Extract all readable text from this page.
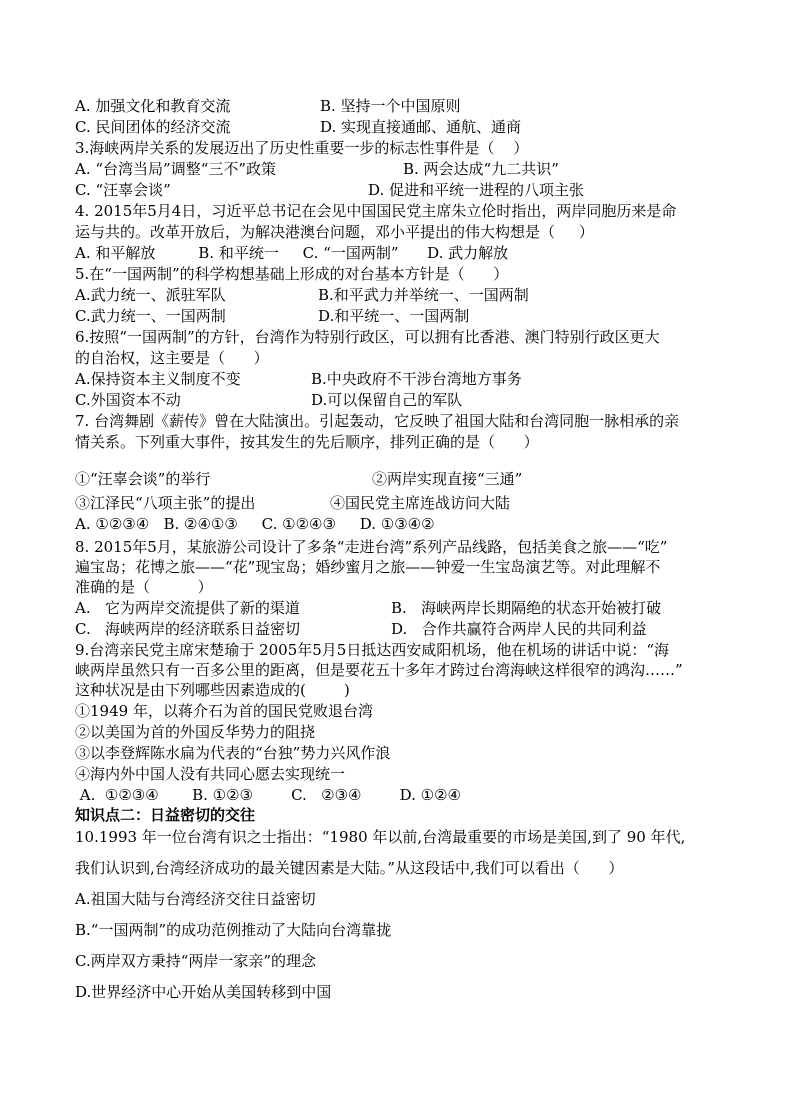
A. 加强文化和教育交流	B. 坚持一个中国原则
C. 民间团体的经济交流	D. 实现直接通邮、通航、通商
3.海峡两岸关系的发展迈出了历史性重要一步的标志性事件是（    ）
A. “台湾当局”调整“三不”政策	B. 两会达成“九二共识”
C. “汪辜会谈”	D. 促进和平统一进程的八项主张
4. 2015年5月4日，习近平总书记在会见中国国民党主席朱立伦时指出，两岸同胞历来是命
运与共的。改革开放后，为解决港澳台问题，邓小平提出的伟大构想是（     ）
A. 和平解放         B. 和平统一     C. “一国两制”      D. 武力解放
5.在“一国两制”的科学构想基础上形成的对台基本方针是（      ）
A.武力统一、派驻军队	B.和平武力并举统一、一国两制
C.武力统一、一国两制	D.和平统一、一国两制
6.按照“一国两制”的方针，台湾作为特别行政区，可以拥有比香港、澳门特别行政区更大
的自治权，这主要是（      ）
A.保持资本主义制度不变	B.中央政府不干涉台湾地方事务
C.外国资本不动	D.可以保留自己的军队
7. 台湾舞剧《薪传》曾在大陆演出。引起轰动，它反映了祖国大陆和台湾同胞一脉相承的亲
情关系。下列重大事件，按其发生的先后顺序，排列正确的是（      ）
①“汪辜会谈”的举行	②两岸实现直接“三通”
③江泽民“八项主张”的提出	④国民党主席连战访问大陆
A. ①②③④   B. ②④①③     C. ①②④③     D. ①③④②
8. 2015年5月，某旅游公司设计了多条“走进台湾”系列产品线路，包括美食之旅——“吃”
遍宝岛；花博之旅——“花”现宝岛；婚纱蜜月之旅——钟爱一生宝岛演艺等。对此理解不
准确的是（          ）
A.   它为两岸交流提供了新的渠道	B.   海峡两岸长期隔绝的状态开始被打破
C.   海峡两岸的经济联系日益密切	D.   合作共赢符合两岸人民的共同利益
9.台湾亲民党主席宋楚瑜于 2005年5月5日抵达西安咸阳机场，他在机场的讲话中说：“海
峡两岸虽然只有一百多公里的距离，但是要花五十多年才跨过台湾海峡这样很窄的鸿沟……”
这种状况是由下列哪些因素造成的(        )
①1949 年，以蒋介石为首的国民党败退台湾
②以美国为首的外国反华势力的阻挠
③以李登辉陈水扁为代表的“台独”势力兴风作浪
④海内外中国人没有共同心愿去实现统一
A.  ①②③④       B. ①②③        C.   ②③④        D. ①②④
知识点二：日益密切的交往
10.1993 年一位台湾有识之士指出：“1980 年以前,台湾最重要的市场是美国,到了 90 年代,
我们认识到,台湾经济成功的最关键因素是大陆。”从这段话中,我们可以看出（      ）
A.祖国大陆与台湾经济交往日益密切
B.“一国两制”的成功范例推动了大陆向台湾靠拢
C.两岸双方秉持“两岸一家亲”的理念
D.世界经济中心开始从美国转移到中国
